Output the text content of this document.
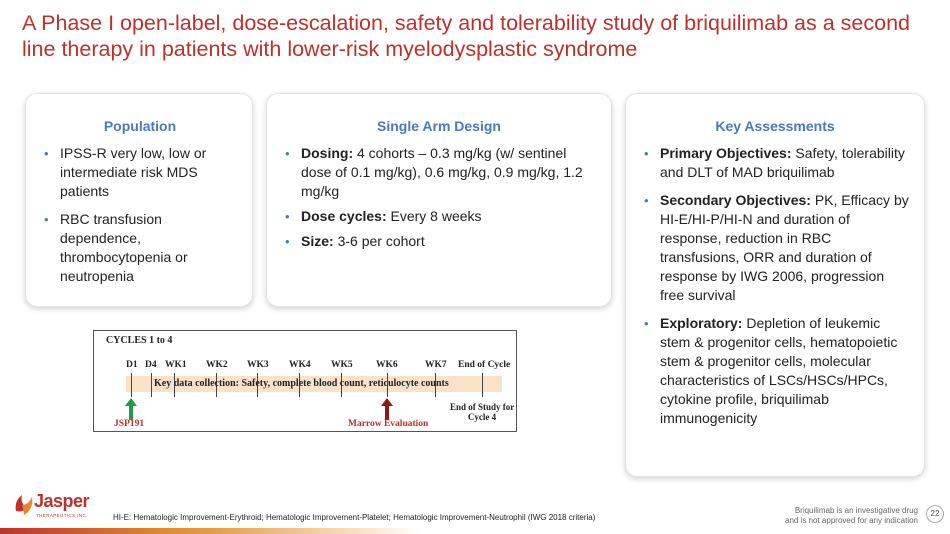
A Phase I open-label, dose-escalation, safety and tolerability study of briquilimab as a second line therapy in patients with lower-risk myelodysplastic syndrome
Population
• IPSS-R very low, low or intermediate risk MDS patients
• RBC transfusion dependence, thrombocytopenia or neutropenia
Single Arm Design
• Dosing: 4 cohorts – 0.3 mg/kg (w/ sentinel dose of 0.1 mg/kg), 0.6 mg/kg, 0.9 mg/kg, 1.2 mg/kg
• Dose cycles: Every 8 weeks
• Size: 3-6 per cohort
Key Assessments
• Primary Objectives: Safety, tolerability and DLT of MAD briquilimab
• Secondary Objectives: PK, Efficacy by HI-E/HI-P/HI-N and duration of response, reduction in RBC transfusions, ORR and duration of response by IWG 2006, progression free survival
• Exploratory: Depletion of leukemic stem & progenitor cells, hematopoietic stem & progenitor cells, molecular characteristics of LSCs/HSCs/HPCs, cytokine profile, briquilimab immunogenicity
CYCLES 1 to 4
D1 D4 WK1 WK2 WK3 WK4 WK5 WK6	WK7 End of Cycle
Key data collection: Safety, complete blood count, reticulocyte counts
JSP191	Marrow Evaluation
End of Study for
Cycle 4
Jasper
THERAPEUTICS INC.	HI-E: Hematologic Improvement-Erythroid; Hematologic Improvement-Platelet; Hematologic Improvement-Neutrophil (IWG 2018 criteria)
Briquilimab is an investigative drug
and is not approved for any indication
22
